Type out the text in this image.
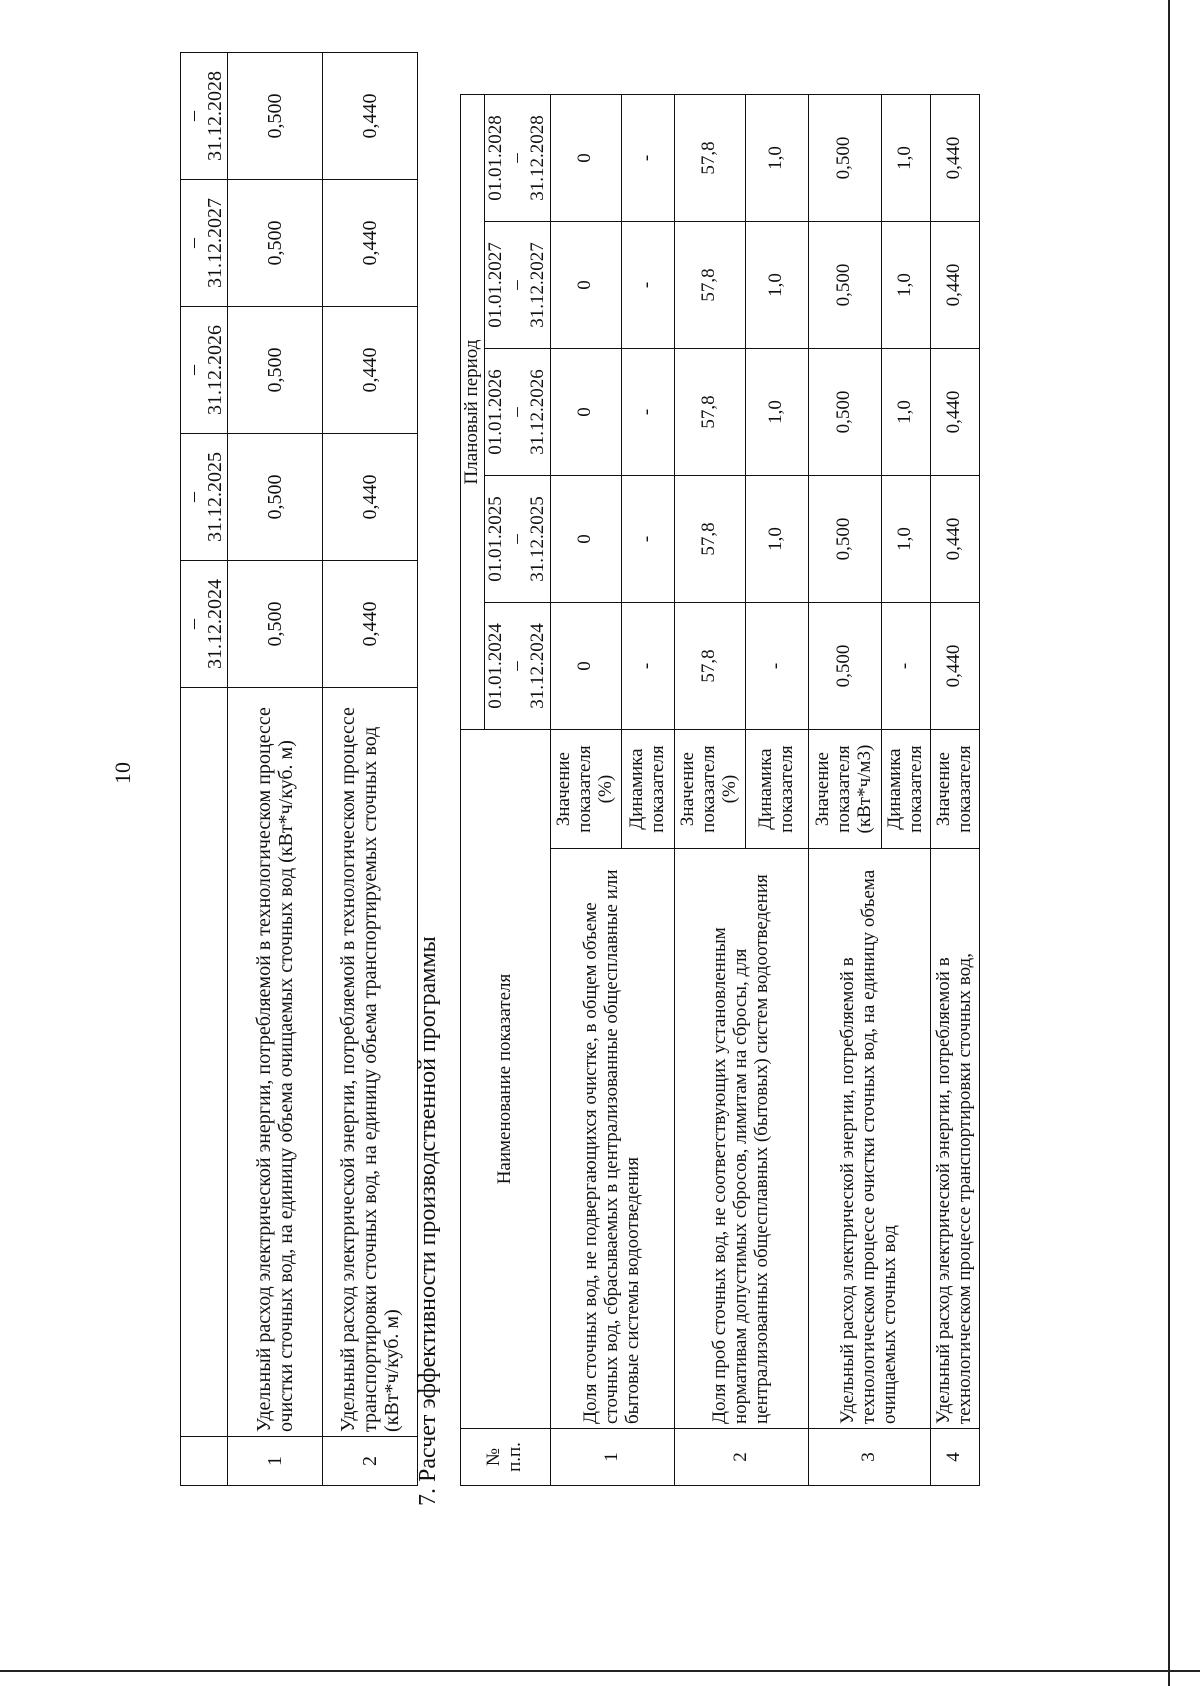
10

		– 31.12.2024	– 31.12.2025	– 31.12.2026	– 31.12.2027	– 31.12.2028

1	Удельный расход электрической энергии, потребляемой в технологическом процессе очистки сточных вод, на единицу объема очищаемых сточных вод (кВт*ч/куб. м)	0,500	0,500	0,500	0,500	0,500
2	Удельный расход электрической энергии, потребляемой в технологическом процессе транспортировки сточных вод, на единицу объема транспортируемых сточных вод (кВт*ч/куб. м)	0,440	0,440	0,440	0,440	0,440
7. Расчет эффективности производственной программы № п.п.	Наименование показателя		Плановый период				
			01.01.2024
–
31.12.2024	01.01.2025
–
31.12.2025	01.01.2026
–
31.12.2026	01.01.2027
–
31.12.2027	01.01.2028
–
31.12.2028
1	Доля сточных вод, не подвергающихся очистке, в общем объеме сточных вод, сбрасываемых в централизованные общесплавные или бытовые системы водоотведения	Значение показателя (%)	0	0	0	0	0
		Динамика показателя	-	-	-	-	-
2	Доля проб сточных вод, не соответствующих установленным нормативам допустимых сбросов, лимитам на сбросы, для централизованных общесплавных (бытовых) систем водоотведения	Значение показателя (%)	57,8	57,8	57,8	57,8	57,8
		Динамика показателя	-	1,0	1,0	1,0	1,0
3	Удельный расход электрической энергии, потребляемой в технологическом процессе очистки сточных вод, на единицу объема очищаемых сточных вод	Значение показателя (кВт*ч/м3)	0,500	0,500	0,500	0,500	0,500
		Динамика показателя	-	1,0	1,0	1,0	1,0
4	Удельный расход электрической энергии, потребляемой в технологическом процессе транспортировки сточных вод,	Значение показателя	0,440	0,440	0,440	0,440	0,440
